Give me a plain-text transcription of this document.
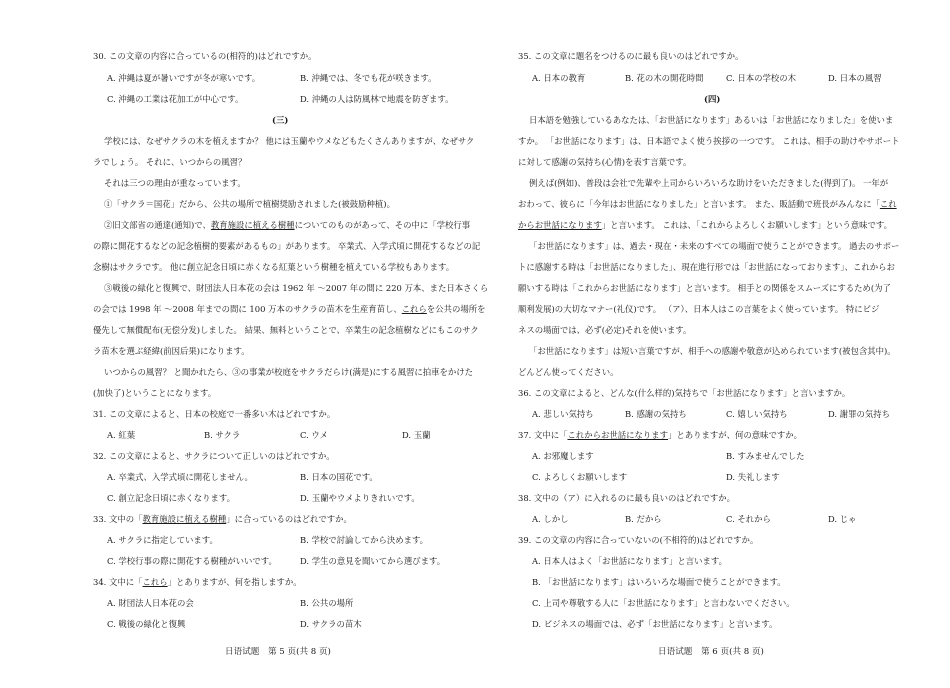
30. この文章の内容に合っているの(相符的)はどれですか。
A. 沖縄は夏が暑いですが冬が寒いです。	B. 沖縄では、冬でも花が咲きます。
C. 沖縄の工業は花加工が中心です。	D. 沖縄の人は防風林で地震を防ぎます。
(三)
学校には、なぜサクラの木を植えますか？ 他には玉蘭やウメなどもたくさんありますが、なぜサク
ラでしょう。 それに、いつからの風習？
それは三つの理由が重なっています。
①「サクラ＝国花」だから、公共の場所で植樹奨励されました(被鼓励种植)。
②旧文部省の通達(通知)で、教育施設に植える樹種についてのものがあって、その中に「学校行事
の際に開花するなどの記念植樹的要素があるもの」があります。 卒業式、入学式頃に開花するなどの記
念樹はサクラです。 他に創立記念日頃に赤くなる紅葉という樹種を植えている学校もあります。
③戦後の緑化と復興で、財団法人日本花の会は 1962 年 ～2007 年の間に 220 万本、また日本さくら
の会では 1998 年 ～2008 年までの間に 100 万本のサクラの苗木を生産育苗し、これらを公共の場所を
優先して無償配布(无偿分发)しました。 結果、無料ということで、卒業生の記念植樹などにもこのサク
ラ苗木を選ぶ経緯(前因后果)になります。
いつからの風習？ と聞かれたら、③の事業が校庭をサクラだらけ(满是)にする風習に拍車をかけた
(加快了)ということになります。
31. この文章によると、日本の校庭で一番多い木はどれですか。
A. 紅葉	B. サクラ	C. ウメ	D. 玉蘭
32. この文章によると、サクラについて正しいのはどれですか。
A. 卒業式、入学式頃に開花しません。	B. 日本の国花です。
C. 創立記念日頃に赤くなります。	D. 玉蘭やウメよりきれいです。
33. 文中の「教育施設に植える樹種」に合っているのはどれですか。
A. サクラに指定しています。	B. 学校で討論してから決めます。
C. 学校行事の際に開花する樹種がいいです。	D. 学生の意見を聞いてから選びます。
34. 文中に「これら」とありますが、何を指しますか。
A. 財団法人日本花の会	B. 公共の場所
C. 戦後の緑化と復興	D. サクラの苗木
日语试题　第 5 页(共 8 页)
35. この文章に題名をつけるのに最も良いのはどれですか。
A. 日本の教育	B. 花の木の開花時間	C. 日本の学校の木	D. 日本の風習
(四)
日本語を勉強しているあなたは、「お世話になります」あるいは「お世話になりました」を使いま
すか。 「お世話になります」は、日本語でよく使う挨拶の一つです。 これは、相手の助けやサポート
に対して感謝の気持ち(心情)を表す言葉です。
例えば(例如)、普段は会社で先輩や上司からいろいろな助けをいただきました(得到了)。 一年が
おわって、彼らに「今年はお世話になりました」と言います。 また、販話動で班長がみんなに「これ
からお世話になります」と言います。 これは、「これからよろしくお願いします」という意味です。
「お世話になります」は、過去・現在・未来のすべての場面で使うことができます。 過去のサポー
トに感謝する時は「お世話になりました」、現在進行形では「お世話になっております」、これからお
願いする時は「これからお世話になります」と言います。 相手との関係をスムーズにするため(为了
顺利发展)の大切なマナー(礼仪)です。 （ア）、日本人はこの言葉をよく使っています。 特にビジ
ネスの場面では、必ず(必定)それを使います。
「お世話になります」は短い言葉ですが、相手への感謝や敬意が込められています(被包含其中)。
どんどん使ってください。
36. この文章によると、どんな(什么样的)気持ちで「お世話になります」と言いますか。
A. 悲しい気持ち	B. 感謝の気持ち	C. 嬉しい気持ち	D. 謝罪の気持ち
37. 文中に「これからお世話になります」とありますが、何の意味ですか。
A. お邪魔します	B. すみませんでした
C. よろしくお願いします	D. 失礼します
38. 文中の（ア）に入れるのに最も良いのはどれですか。
A. しかし	B. だから	C. それから	D. じゃ
39. この文章の内容に合っていないの(不相符的)はどれですか。
A. 日本人はよく「お世話になります」と言います。
B. 「お世話になります」はいろいろな場面で使うことができます。
C. 上司や尊敬する人に「お世話になります」と言わないでください。
D. ビジネスの場面では、必ず「お世話になります」と言います。
日语试题　第 6 页(共 8 页)
